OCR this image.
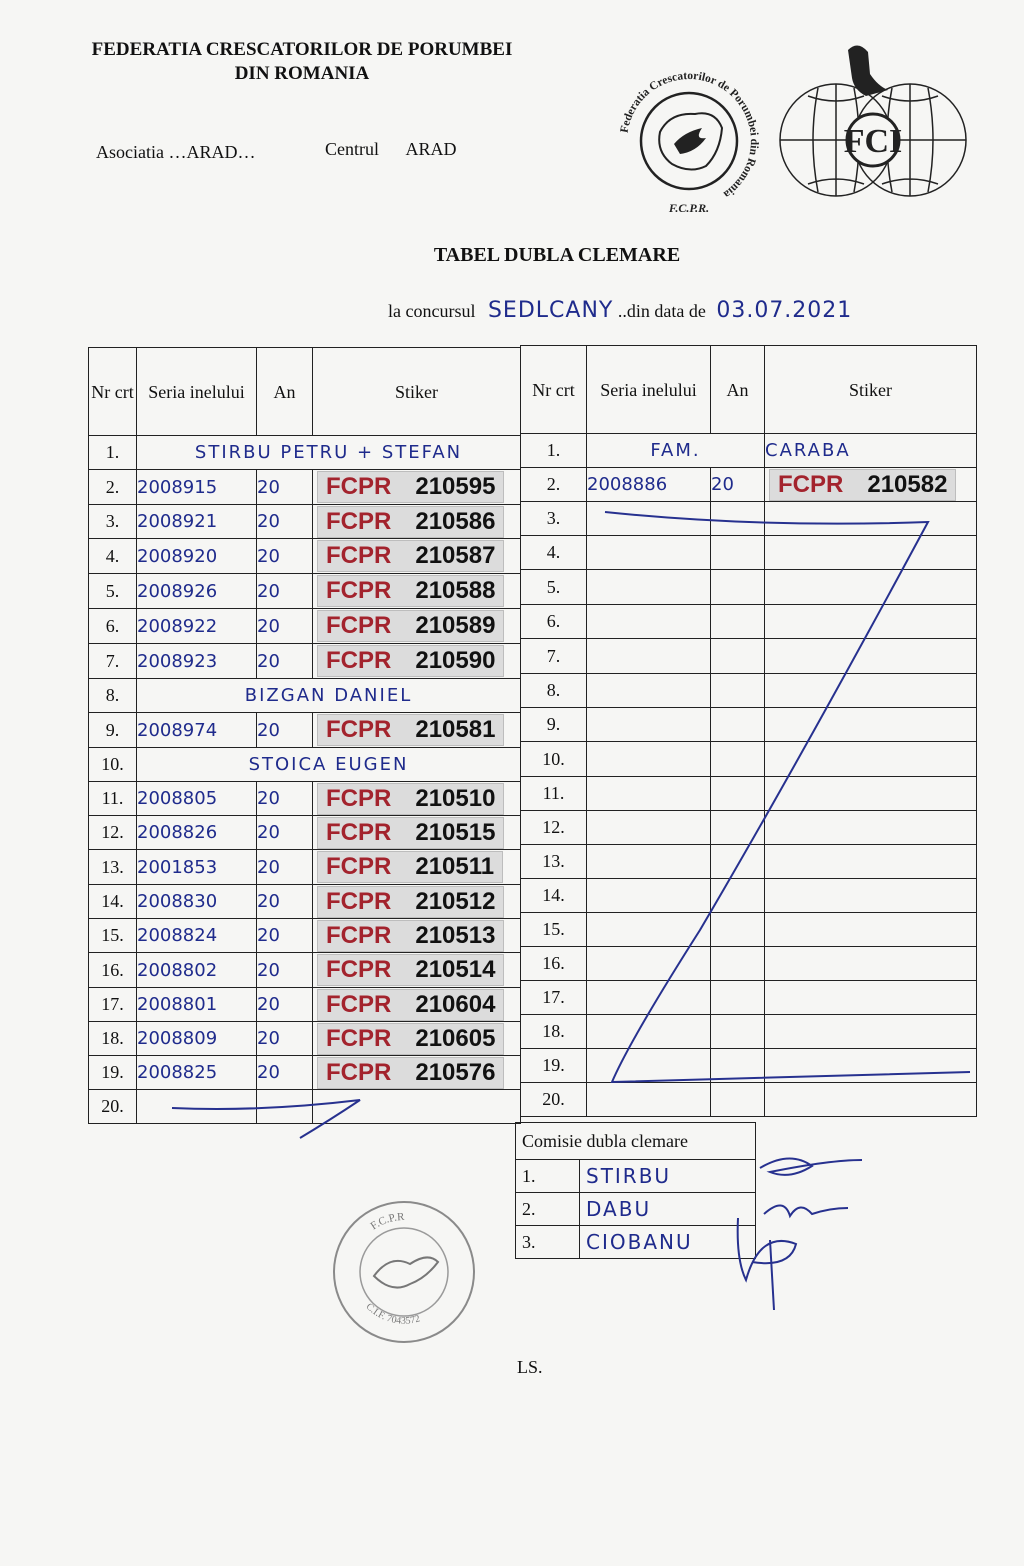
FEDERATIA CRESCATORILOR DE PORUMBEI
DIN ROMANIA
Asociatia …ARAD…	Centrul ARAD
Federatia Crescatorilor de Porumbei din Romania
F.C.P.R.
FCI
TABEL DUBLA CLEMARE
la concursul SEDLCANY ..din data de 03.07.2021
Nr crt	Seria inelului	An	Stiker
1.	STIRBU PETRU + STEFAN		
2.	2008915	20	FCPR 210595
3.	2008921	20	FCPR 210586
4.	2008920	20	FCPR 210587
5.	2008926	20	FCPR 210588
6.	2008922	20	FCPR 210589
7.	2008923	20	FCPR 210590
8.	BIZGAN DANIEL		
9.	2008974	20	FCPR 210581
10.	STOICA EUGEN		
11.	2008805	20	FCPR 210510
12.	2008826	20	FCPR 210515
13.	2001853	20	FCPR 210511
14.	2008830	20	FCPR 210512
15.	2008824	20	FCPR 210513
16.	2008802	20	FCPR 210514
17.	2008801	20	FCPR 210604
18.	2008809	20	FCPR 210605
19.	2008825	20	FCPR 210576
20.			
Nr crt	Seria inelului	An	Stiker
1.	FAM.		CARABA
2.	2008886	20	FCPR 210582
3.			
4.			
5.			
6.			
7.			
8.			
9.			
10.			
11.			
12.			
13.			
14.			
15.			
16.			
17.			
18.			
19.			
20.			
Comisie dubla clemare	
1.	STIRBU
2.	DABU
3.	CIOBANU
F.C.P.R
C.I.F. 7043572
LS.
